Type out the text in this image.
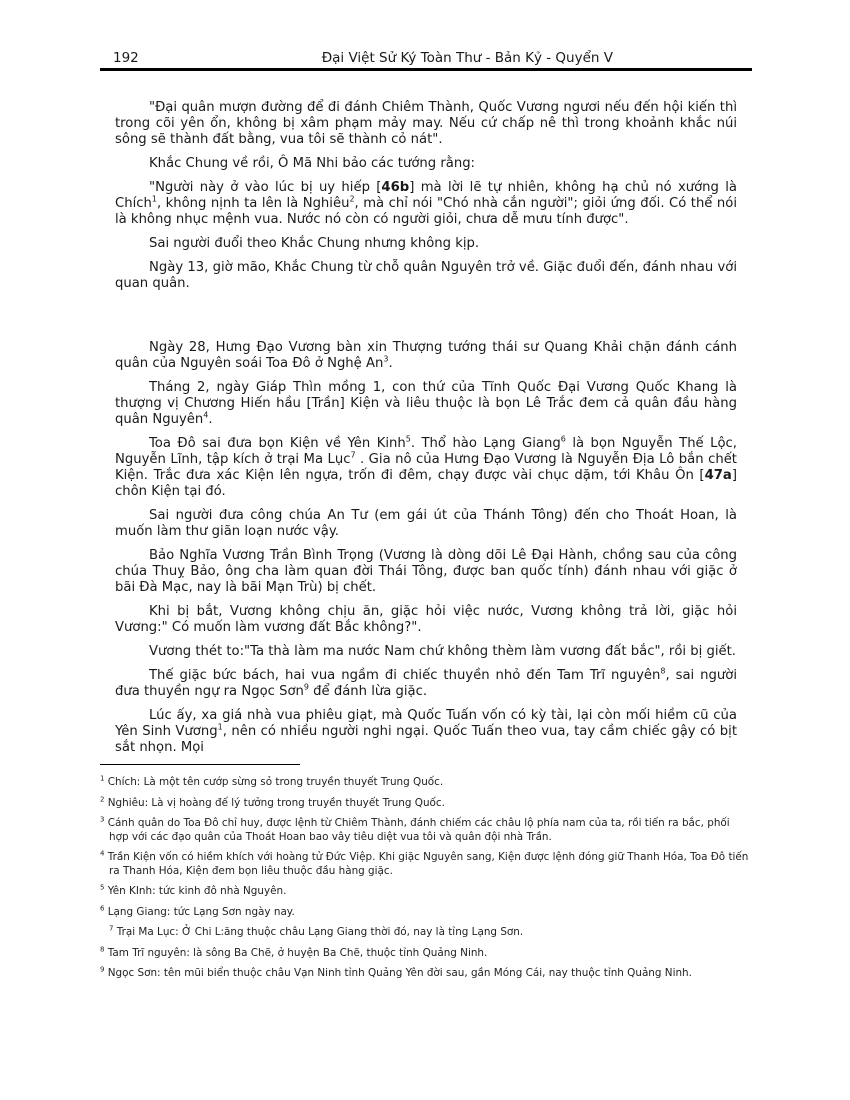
192	Đại Việt Sử Ký Toàn Thư - Bản Kỷ - Quyển V

"Đại quân mượn đường để đi đánh Chiêm Thành, Quốc Vương ngươi nếu đến hội kiến thì trong cõi yên ổn, không bị xâm phạm mảy may. Nếu cứ chấp nê thì trong khoảnh khắc núi sông sẽ thành đất bằng, vua tôi sẽ thành cỏ nát".

Khắc Chung về rồi, Ô Mã Nhi bảo các tướng rằng:

"Người này ở vào lúc bị uy hiếp [46b] mà lời lẽ tự nhiên, không hạ chủ nó xướng là Chích$^1$, không nịnh ta lên là Nghiêu$^2$, mà chỉ nói "Chó nhà cắn người"; giỏi ứng đối. Có thể nói là không nhục mệnh vua. Nước nó còn có người giỏi, chưa dễ mưu tính được".

Sai người đuổi theo Khắc Chung nhưng không kịp.

Ngày 13, giờ mão, Khắc Chung từ chỗ quân Nguyên trở về. Giặc đuổi đến, đánh nhau với quan quân.

Ngày 28, Hưng Đạo Vương bàn xin Thượng tướng thái sư Quang Khải chặn đánh cánh quân của Nguyên soái Toa Đô ở Nghệ An$^3$.

Tháng 2, ngày Giáp Thìn mồng 1, con thứ của Tĩnh Quốc Đại Vương Quốc Khang là thượng vị Chương Hiến hầu [Trần] Kiện và liêu thuộc là bọn Lê Trắc đem cả quân đầu hàng quân Nguyên$^4$.

Toa Đô sai đưa bọn Kiện về Yên Kinh$^5$. Thổ hào Lạng Giang$^6$ là bọn Nguyễn Thế Lộc, Nguyễn Lĩnh, tập kích ở trại Ma Lục$^7$ . Gia nô của Hưng Đạo Vương là Nguyễn Địa Lô bắn chết Kiện. Trắc đưa xác Kiện lên ngựa, trốn đi đêm, chạy được vài chục dặm, tới Khâu Ôn [47a] chôn Kiện tại đó.

Sai người đưa công chúa An Tư (em gái út của Thánh Tông) đến cho Thoát Hoan, là muốn làm thư giãn loạn nước vậy.

Bảo Nghĩa Vương Trần Bình Trọng (Vương là dòng dõi Lê Đại Hành, chồng sau của công chúa Thuỵ Bảo, ông cha làm quan đời Thái Tông, được ban quốc tính) đánh nhau với giặc ở bãi Đà Mạc, nay là bãi Mạn Trù) bị chết.

Khi bị bắt, Vương không chịu ăn, giặc hỏi việc nước, Vương không trả lời, giặc hỏi Vương:" Có muốn làm vương đất Bắc không?".

Vương thét to:"Ta thà làm ma nước Nam chứ không thèm làm vương đất bắc", rồi bị giết.

Thế giặc bức bách, hai vua ngầm đi chiếc thuyền nhỏ đến Tam Trĩ nguyên$^8$, sai người đưa thuyền ngự ra Ngọc Sơn$^9$ để đánh lừa giặc.

Lúc ấy, xa giá nhà vua phiêu giạt, mà Quốc Tuấn vốn có kỳ tài, lại còn mối hiềm cũ của Yên Sinh Vương$^1$, nên có nhiều người nghi ngại. Quốc Tuấn theo vua, tay cầm chiếc gậy có bịt sắt nhọn. Mọi

$^1$ Chích: Là một tên cướp sừng sỏ trong truyền thuyết Trung Quốc.
$^2$ Nghiêu: Là vị hoàng đế lý tưởng trong truyền thuyết Trung Quốc.
$^3$ Cánh quân do Toa Đô chỉ huy, được lệnh từ Chiêm Thành, đánh chiếm các châu lộ phía nam của ta, rồi tiến ra bắc, phối hợp với các đạo quân của Thoát Hoan bao vây tiêu diệt vua tôi và quân đội nhà Trần.
$^4$ Trần Kiện vốn có hiềm khích với hoàng tử Đức Việp. Khi giặc Nguyên sang, Kiện được lệnh đóng giữ Thanh Hóa, Toa Đô tiến ra Thanh Hóa, Kiện đem bọn liêu thuộc đầu hàng giặc.
$^5$ Yên KInh: tức kinh đô nhà Nguyên.
$^6$ Lạng Giang: tức Lạng Sơn ngày nay.
$^7$ Trại Ma Lục: Ở Chi L:ăng thuộc châu Lạng Giang thời đó, nay là tỉng Lạng Sơn.
$^8$ Tam Trĩ nguyên: là sông Ba Chẽ, ở huyện Ba Chẽ, thuộc tỉnh Quảng Ninh.
$^9$ Ngọc Sơn: tên mũi biển thuộc châu Vạn Ninh tỉnh Quảng Yên đời sau, gần Móng Cái, nay thuộc tỉnh Quảng Ninh.
